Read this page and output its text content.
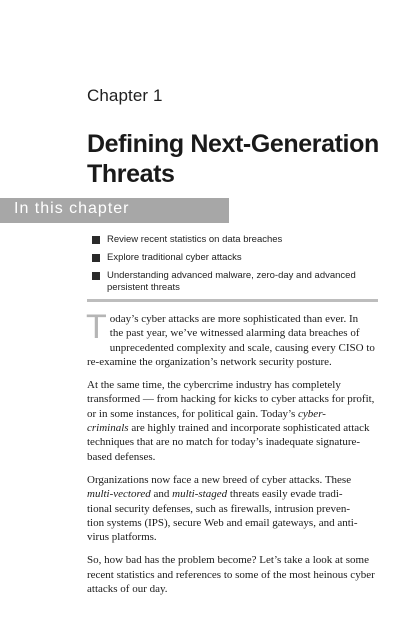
Chapter 1
Defining Next-Generation Threats
In this chapter
Review recent statistics on data breaches
Explore traditional cyber attacks
Understanding advanced malware, zero-day and advanced persistent threats

Today’s cyber attacks are more sophisticated than ever. In
the past year, we’ve witnessed alarming data breaches of
unprecedented complexity and scale, causing every CISO to re-examine the organization’s network security posture.

At the same time, the cybercrime industry has completely transformed — from hacking for kicks to cyber attacks for profit, or in some instances, for political gain. Today’s cyber-
criminals are highly trained and incorporate sophisticated attack techniques that are no match for today’s inadequate signature-based defenses.

Organizations now face a new breed of cyber attacks. These multi-vectored and multi-staged threats easily evade tradi-
tional security defenses, such as firewalls, intrusion preven-
tion systems (IPS), secure Web and email gateways, and anti-virus platforms.

So, how bad has the problem become? Let’s take a look at some recent statistics and references to some of the most heinous cyber attacks of our day.
